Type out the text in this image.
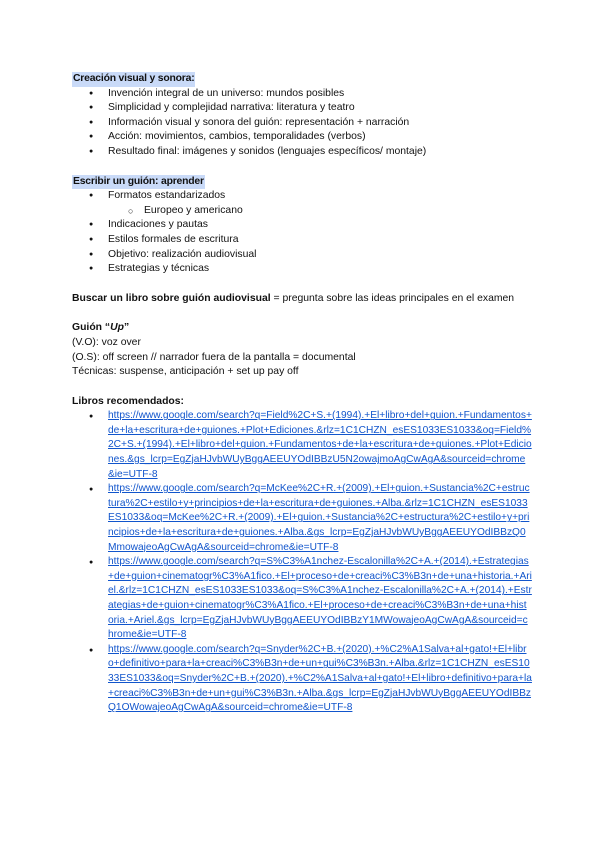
Creación visual y sonora:
● Invención integral de un universo: mundos posibles
● Simplicidad y complejidad narrativa: literatura y teatro
● Información visual y sonora del guión: representación + narración
● Acción: movimientos, cambios, temporalidades (verbos)
● Resultado final: imágenes y sonidos (lenguajes específicos/ montaje)
Escribir un guión: aprender
● Formatos estandarizados
○ Europeo y americano
● Indicaciones y pautas
● Estilos formales de escritura
● Objetivo: realización audiovisual
● Estrategias y técnicas

Buscar un libro sobre guión audiovisual = pregunta sobre las ideas principales en el examen

Guión “Up”

(V.O): voz over

(O.S): off screen // narrador fuera de la pantalla = documental

Técnicas: suspense, anticipación + set up pay off

Libros recomendados:

● https://www.google.com/search?q=Field%2C+S.+(1994).+El+libro+del+guion.+Fundamentos+de+la+escritura+de+guiones.+Plot+Ediciones.&rlz=1C1CHZN_esES1033ES1033&oq=Field%2C+S.+(1994).+El+libro+del+guion.+Fundamentos+de+la+escritura+de+guiones.+Plot+Ediciones.&gs_lcrp=EgZjaHJvbWUyBggAEEUYOdIBBzU5N2owajmoAgCwAgA&sourceid=chrome&ie=UTF-8
● https://www.google.com/search?q=McKee%2C+R.+(2009).+El+guion.+Sustancia%2C+estructura%2C+estilo+y+principios+de+la+escritura+de+guiones.+Alba.&rlz=1C1CHZN_esES1033ES1033&oq=McKee%2C+R.+(2009).+El+guion.+Sustancia%2C+estructura%2C+estilo+y+principios+de+la+escritura+de+guiones.+Alba.&gs_lcrp=EgZjaHJvbWUyBggAEEUYOdIBBzQ0MmowajeoAgCwAgA&sourceid=chrome&ie=UTF-8
● https://www.google.com/search?q=S%C3%A1nchez-Escalonilla%2C+A.+(2014).+Estrategias+de+guion+cinematogr%C3%A1fico.+El+proceso+de+creaci%C3%B3n+de+una+historia.+Ariel.&rlz=1C1CHZN_esES1033ES1033&oq=S%C3%A1nchez-Escalonilla%2C+A.+(2014).+Estrategias+de+guion+cinematogr%C3%A1fico.+El+proceso+de+creaci%C3%B3n+de+una+historia.+Ariel.&gs_lcrp=EgZjaHJvbWUyBggAEEUYOdIBBzY1MWowajeoAgCwAgA&sourceid=chrome&ie=UTF-8
● https://www.google.com/search?q=Snyder%2C+B.+(2020).+%C2%A1Salva+al+gato!+El+libro+definitivo+para+la+creaci%C3%B3n+de+un+gui%C3%B3n.+Alba.&rlz=1C1CHZN_esES1033ES1033&oq=Snyder%2C+B.+(2020).+%C2%A1Salva+al+gato!+El+libro+definitivo+para+la+creaci%C3%B3n+de+un+gui%C3%B3n.+Alba.&gs_lcrp=EgZjaHJvbWUyBggAEEUYOdIBBzQ1OWowajeoAgCwAgA&sourceid=chrome&ie=UTF-8
